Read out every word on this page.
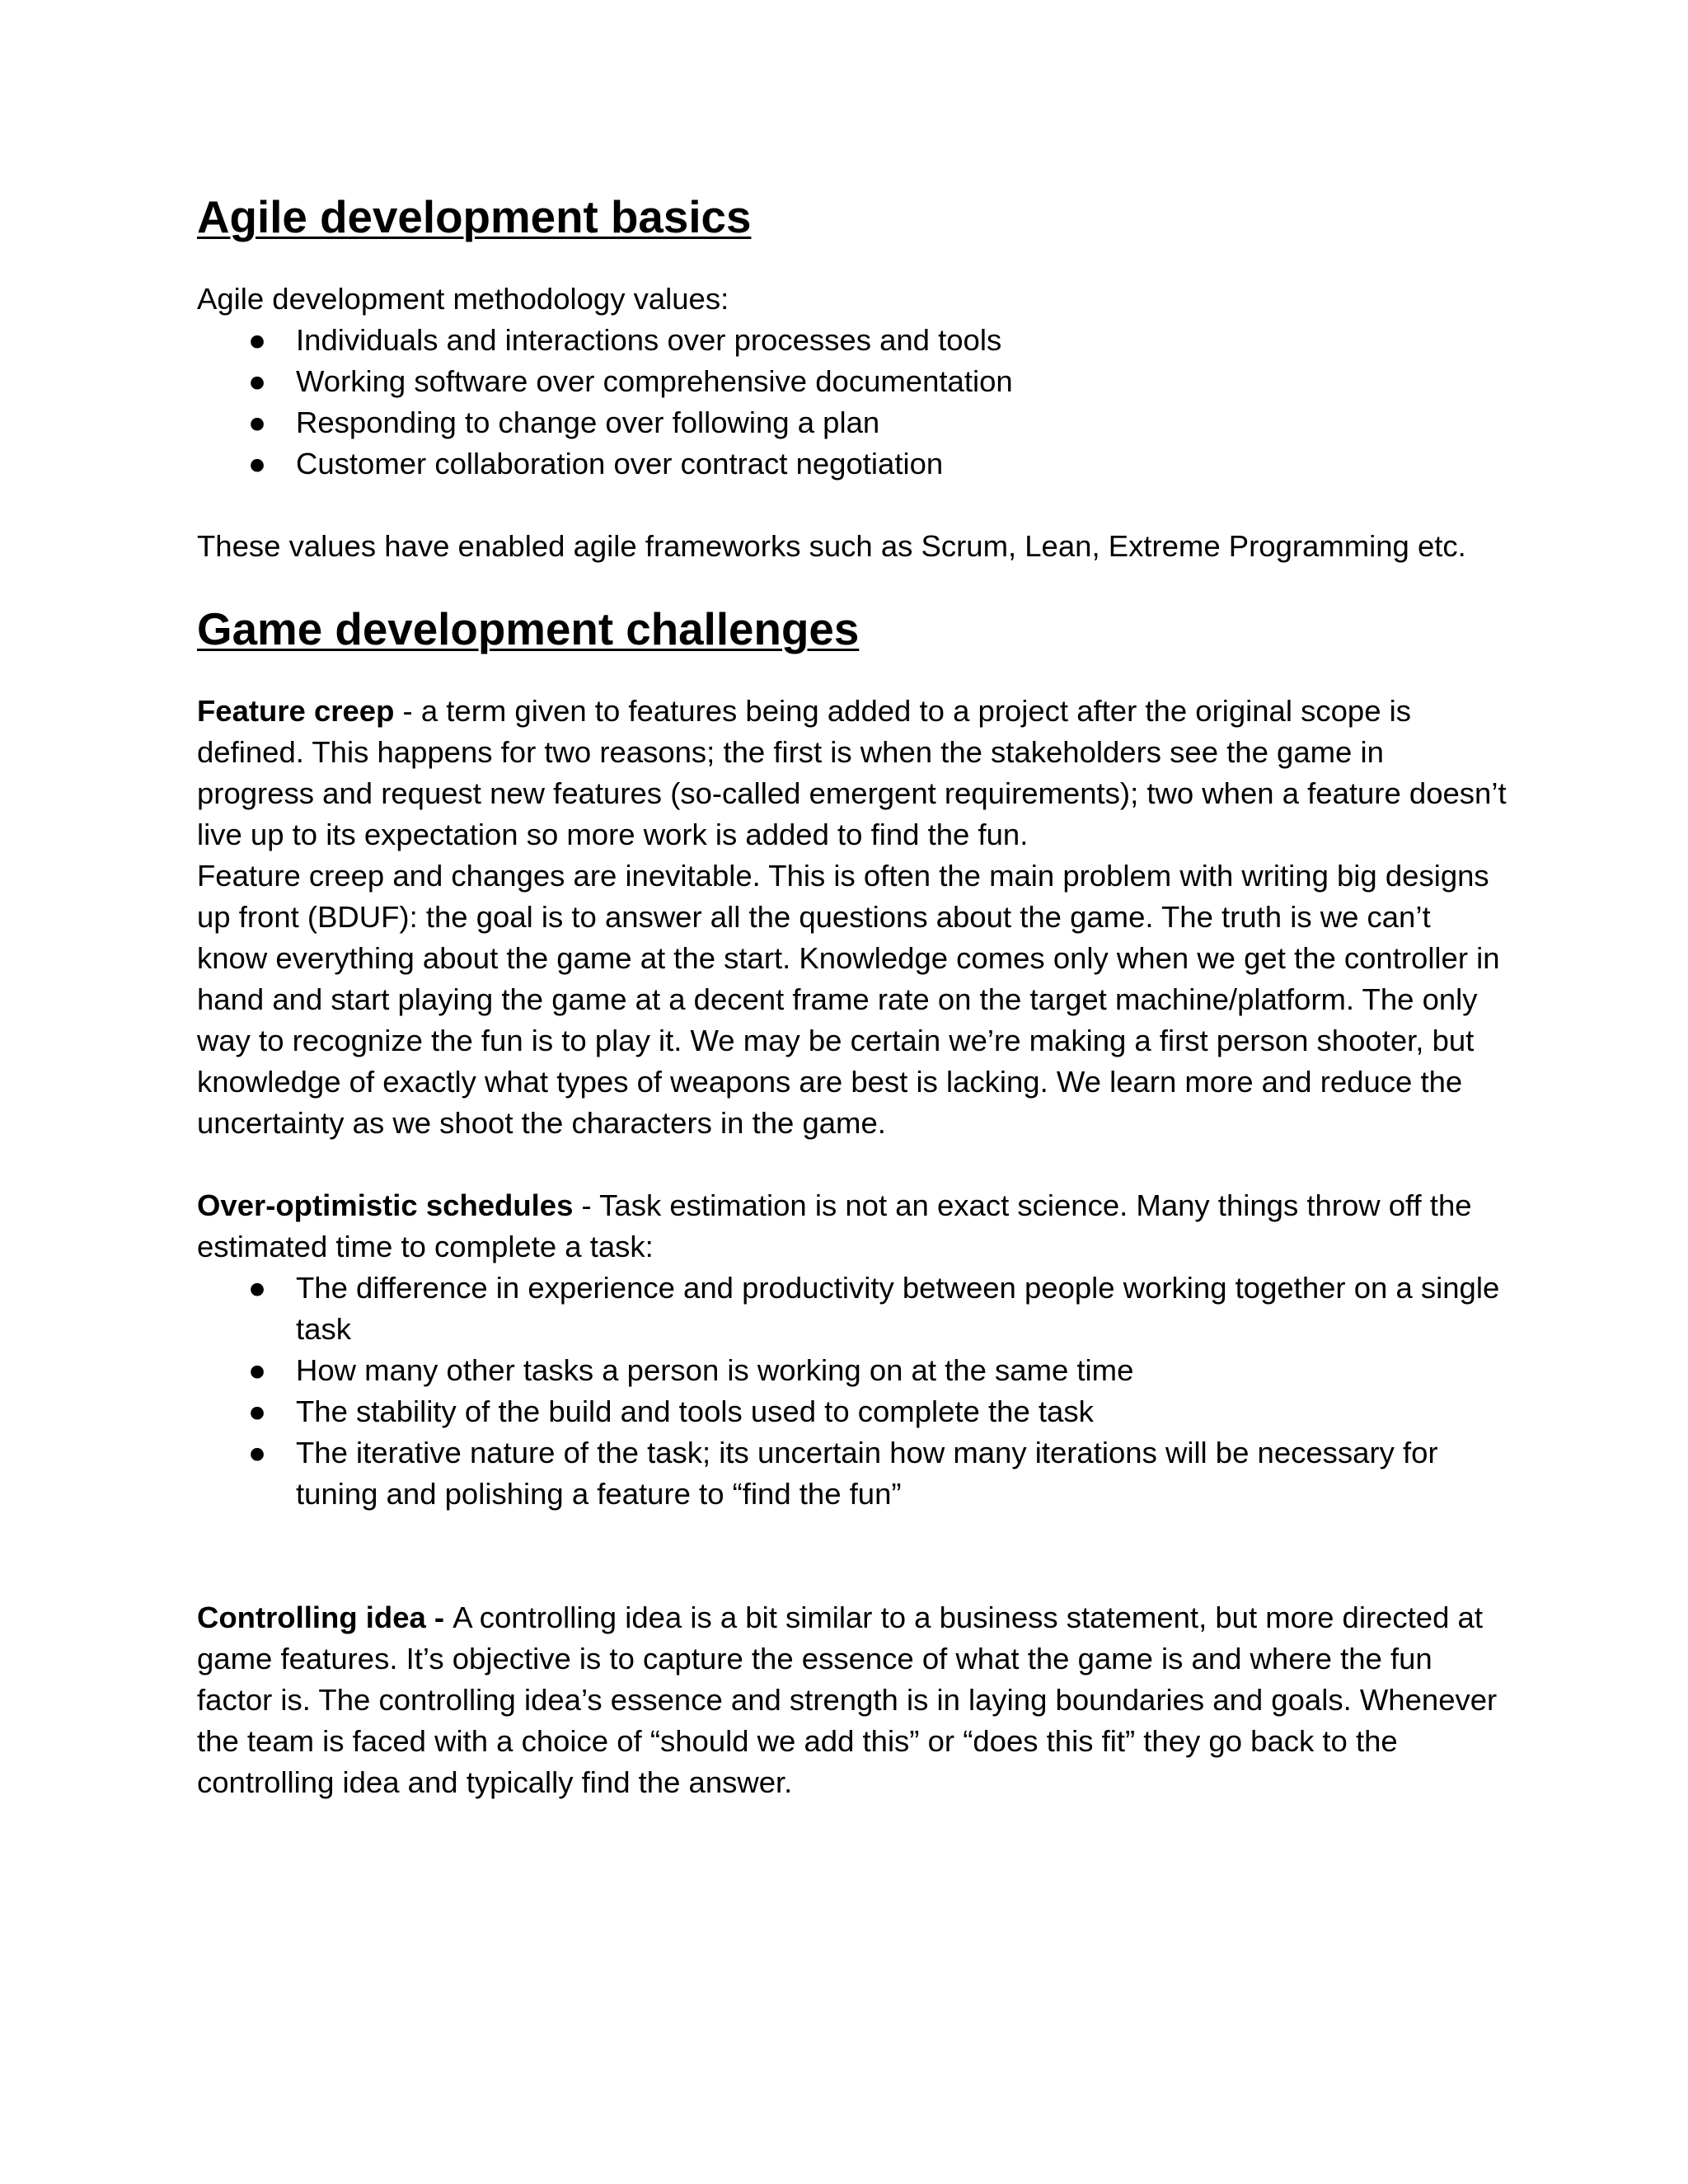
Agile development basics

Agile development methodology values:

● Individuals and interactions over processes and tools
● Working software over comprehensive documentation
● Responding to change over following a plan
● Customer collaboration over contract negotiation

These values have enabled agile frameworks such as Scrum, Lean, Extreme Programming etc.

Game development challenges

Feature creep - a term given to features being added to a project after the original scope is defined. This happens for two reasons; the first is when the stakeholders see the game in progress and request new features (so-called emergent requirements); two when a feature doesn’t live up to its expectation so more work is added to find the fun.

Feature creep and changes are inevitable. This is often the main problem with writing big designs up front (BDUF): the goal is to answer all the questions about the game. The truth is we can’t know everything about the game at the start. Knowledge comes only when we get the controller in hand and start playing the game at a decent frame rate on the target machine/platform. The only way to recognize the fun is to play it. We may be certain we’re making a first person shooter, but knowledge of exactly what types of weapons are best is lacking. We learn more and reduce the uncertainty as we shoot the characters in the game.

Over-optimistic schedules - Task estimation is not an exact science. Many things throw off the estimated time to complete a task:

● The difference in experience and productivity between people working together on a single task
● How many other tasks a person is working on at the same time
● The stability of the build and tools used to complete the task
● The iterative nature of the task; its uncertain how many iterations will be necessary for tuning and polishing a feature to “find the fun”

Controlling idea - A controlling idea is a bit similar to a business statement, but more directed at game features. It’s objective is to capture the essence of what the game is and where the fun factor is. The controlling idea’s essence and strength is in laying boundaries and goals. Whenever the team is faced with a choice of “should we add this” or “does this fit” they go back to the controlling idea and typically find the answer.
